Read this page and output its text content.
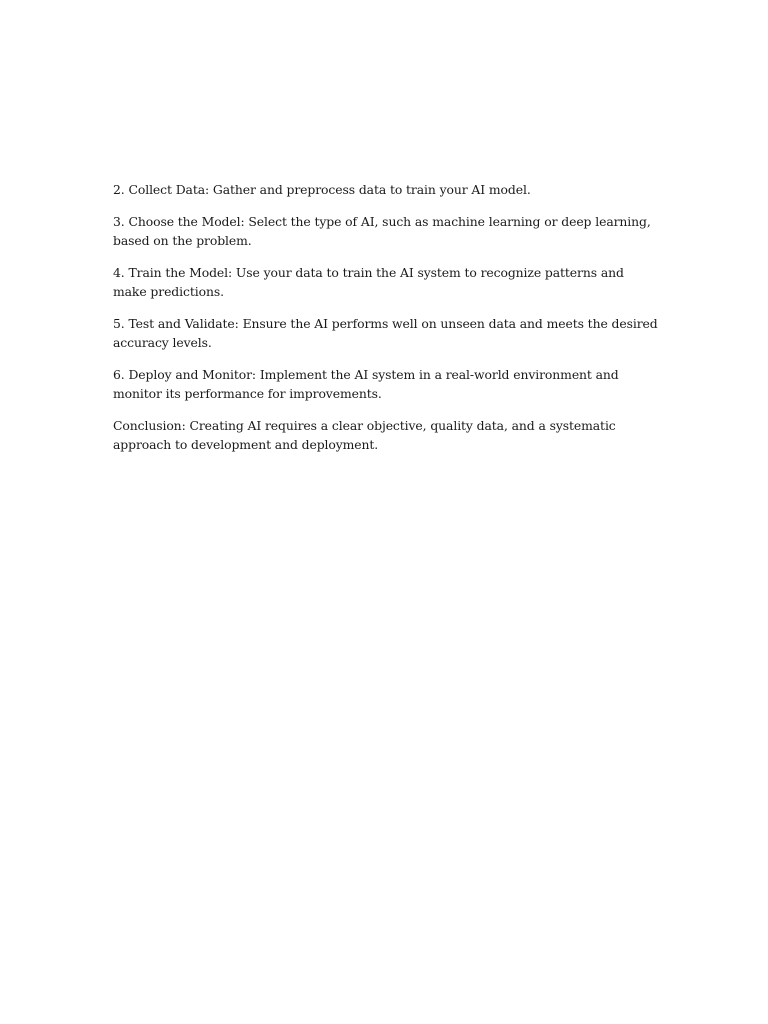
2. Collect Data: Gather and preprocess data to train your AI model.

3. Choose the Model: Select the type of AI, such as machine learning or deep learning, based on the problem.

4. Train the Model: Use your data to train the AI system to recognize patterns and make predictions.

5. Test and Validate: Ensure the AI performs well on unseen data and meets the desired accuracy levels.

6. Deploy and Monitor: Implement the AI system in a real-world environment and monitor its performance for improvements.

Conclusion: Creating AI requires a clear objective, quality data, and a systematic approach to development and deployment.
